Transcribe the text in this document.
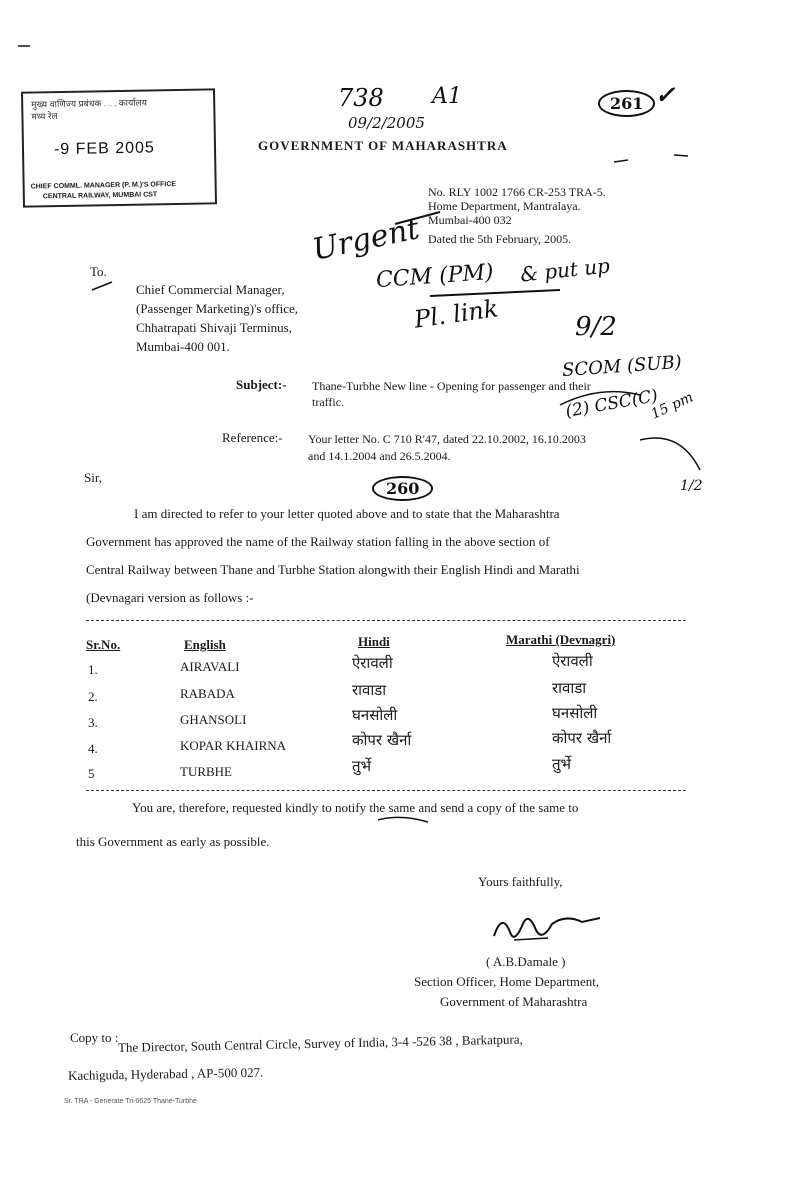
मुख्य वाणिज्य प्रबंधक . . . कार्यालय
मध्य रेल
-9 FEB 2005
CHIEF COMML. MANAGER (P. M.)'S OFFICE
CENTRAL RAILWAY, MUMBAI CST
738 A1
09/2/2005
261 ✓
Urgent
CCM (PM) & put up
Pl. link	9/2
SCOM (SUB)
(2) CSC(C)
15 pm
1/2
260
GOVERNMENT OF MAHARASHTRA
No. RLY 1002 1766 CR-253 TRA-5.
Home Department, Mantralaya.
Mumbai-400 032
Dated the 5th February, 2005.
To.
Chief Commercial Manager,
(Passenger Marketing)'s office,
Chhatrapati Shivaji Terminus,
Mumbai-400 001.
Subject:- Thane-Turbhe New line - Opening for passenger and their
traffic.
Reference:- Your letter No. C 710 R'47, dated 22.10.2002, 16.10.2003
and 14.1.2004 and 26.5.2004.
Sir,
I am directed to refer to your letter quoted above and to state that the Maharashtra
Government has approved the name of the Railway station falling in the above section of
Central Railway between Thane and Turbhe Station alongwith their English Hindi and Marathi
(Devnagari version as follows :-
Sr.No.	English	Hindi	Marathi (Devnagri)
1.	AIRAVALI	ऐरावली	ऐरावली
2.	RABADA	रावाडा	रावाडा
3.	GHANSOLI	घनसोली	घनसोली
4.	KOPAR KHAIRNA	कोपर खैर्ना	कोपर खैर्ना
5	TURBHE	तुर्भे	तुर्भे
You are, therefore, requested kindly to notify the same and send a copy of the same to
this Government as early as possible.
Yours faithfully,
( A.B.Damale )
Section Officer, Home Department,
Government of Maharashtra
Copy to : The Director, South Central Circle, Survey of India, 3-4 -526 38 , Barkatpura,
Kachiguda, Hyderabad , AP-500 027.
Sr. TRA - Generate Tri-0625 Thane-Turbhe
